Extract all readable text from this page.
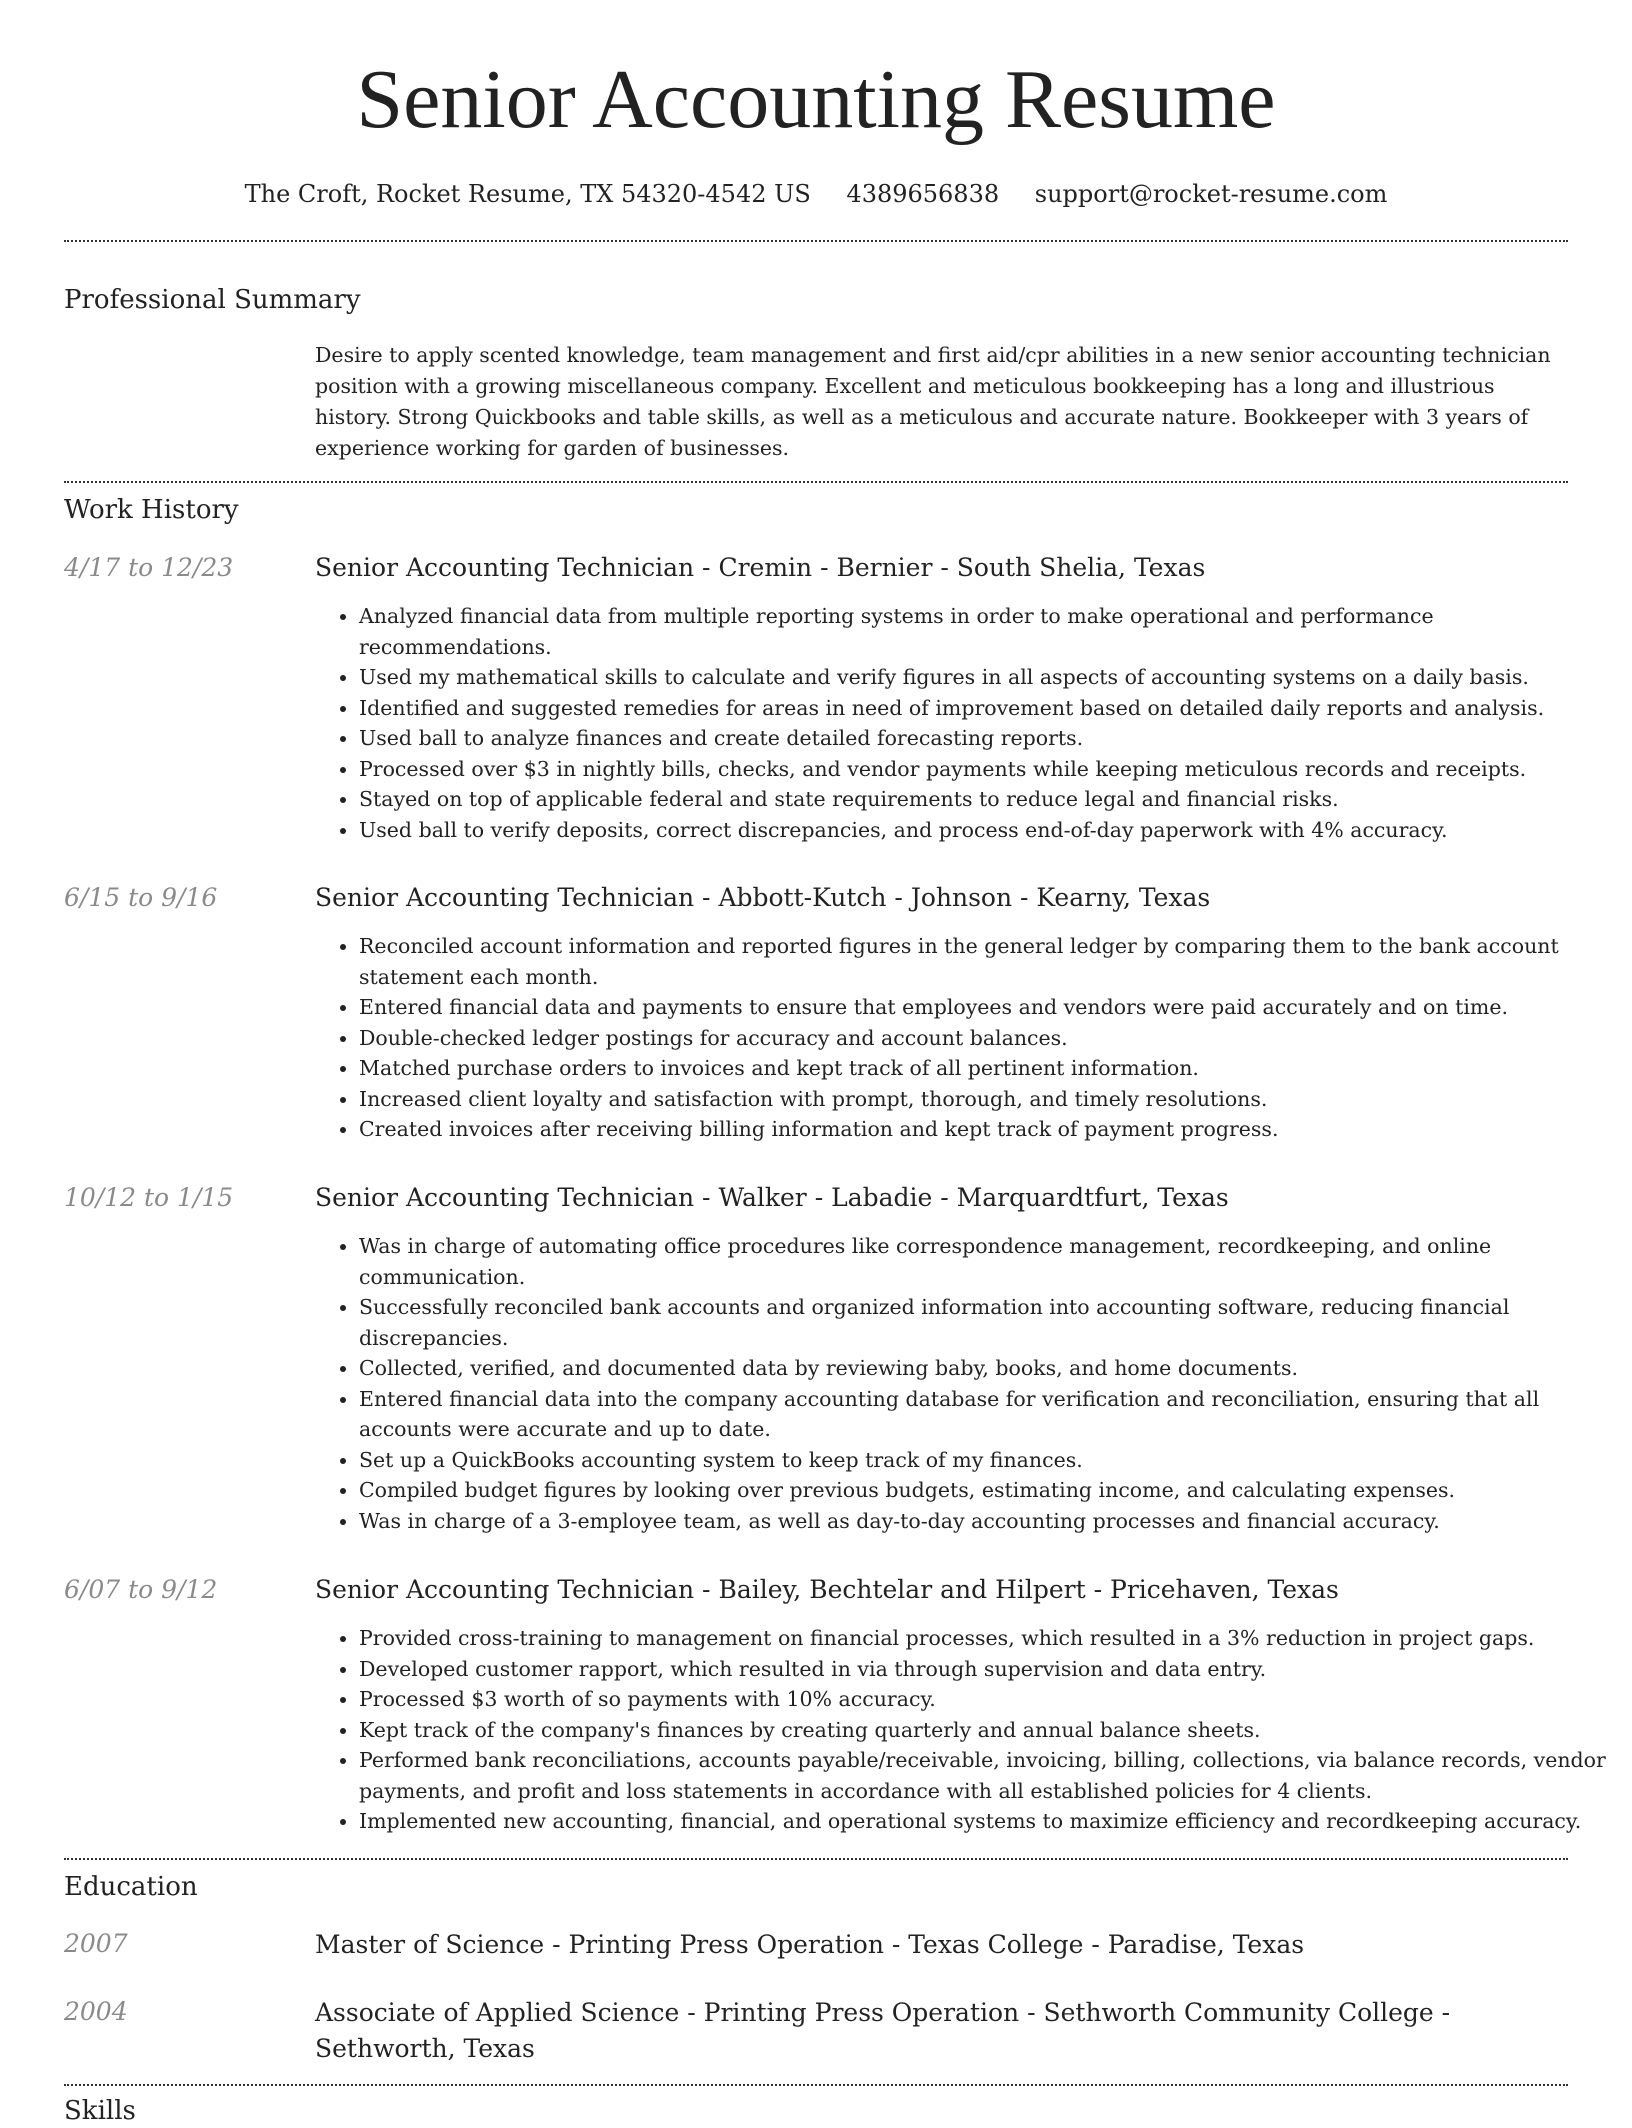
Senior Accounting Resume
The Croft, Rocket Resume, TX 54320-4542 US 4389656838 support@rocket-resume.com
Professional Summary
Desire to apply scented knowledge, team management and first aid/cpr abilities in a new senior accounting technician position with a growing miscellaneous company. Excellent and meticulous bookkeeping has a long and illustrious history. Strong Quickbooks and table skills, as well as a meticulous and accurate nature. Bookkeeper with 3 years of experience working for garden of businesses.
Work History
4/17 to 12/23	Senior Accounting Technician - Cremin - Bernier - South Shelia, Texas
• Analyzed financial data from multiple reporting systems in order to make operational and performance recommendations.
• Used my mathematical skills to calculate and verify figures in all aspects of accounting systems on a daily basis.
• Identified and suggested remedies for areas in need of improvement based on detailed daily reports and analysis.
• Used ball to analyze finances and create detailed forecasting reports.
• Processed over $3 in nightly bills, checks, and vendor payments while keeping meticulous records and receipts.
• Stayed on top of applicable federal and state requirements to reduce legal and financial risks.
• Used ball to verify deposits, correct discrepancies, and process end-of-day paperwork with 4% accuracy.
6/15 to 9/16	Senior Accounting Technician - Abbott-Kutch - Johnson - Kearny, Texas
• Reconciled account information and reported figures in the general ledger by comparing them to the bank account statement each month.
• Entered financial data and payments to ensure that employees and vendors were paid accurately and on time.
• Double-checked ledger postings for accuracy and account balances.
• Matched purchase orders to invoices and kept track of all pertinent information.
• Increased client loyalty and satisfaction with prompt, thorough, and timely resolutions.
• Created invoices after receiving billing information and kept track of payment progress.
10/12 to 1/15	Senior Accounting Technician - Walker - Labadie - Marquardtfurt, Texas
• Was in charge of automating office procedures like correspondence management, recordkeeping, and online communication.
• Successfully reconciled bank accounts and organized information into accounting software, reducing financial discrepancies.
• Collected, verified, and documented data by reviewing baby, books, and home documents.
• Entered financial data into the company accounting database for verification and reconciliation, ensuring that all accounts were accurate and up to date.
• Set up a QuickBooks accounting system to keep track of my finances.
• Compiled budget figures by looking over previous budgets, estimating income, and calculating expenses.
• Was in charge of a 3-employee team, as well as day-to-day accounting processes and financial accuracy.
6/07 to 9/12	Senior Accounting Technician - Bailey, Bechtelar and Hilpert - Pricehaven, Texas
• Provided cross-training to management on financial processes, which resulted in a 3% reduction in project gaps.
• Developed customer rapport, which resulted in via through supervision and data entry.
• Processed $3 worth of so payments with 10% accuracy.
• Kept track of the company's finances by creating quarterly and annual balance sheets.
• Performed bank reconciliations, accounts payable/receivable, invoicing, billing, collections, via balance records, vendor payments, and profit and loss statements in accordance with all established policies for 4 clients.
• Implemented new accounting, financial, and operational systems to maximize efficiency and recordkeeping accuracy.
Education
2007	Master of Science - Printing Press Operation - Texas College - Paradise, Texas
2004	Associate of Applied Science - Printing Press Operation - Sethworth Community College - Sethworth, Texas
Skills
